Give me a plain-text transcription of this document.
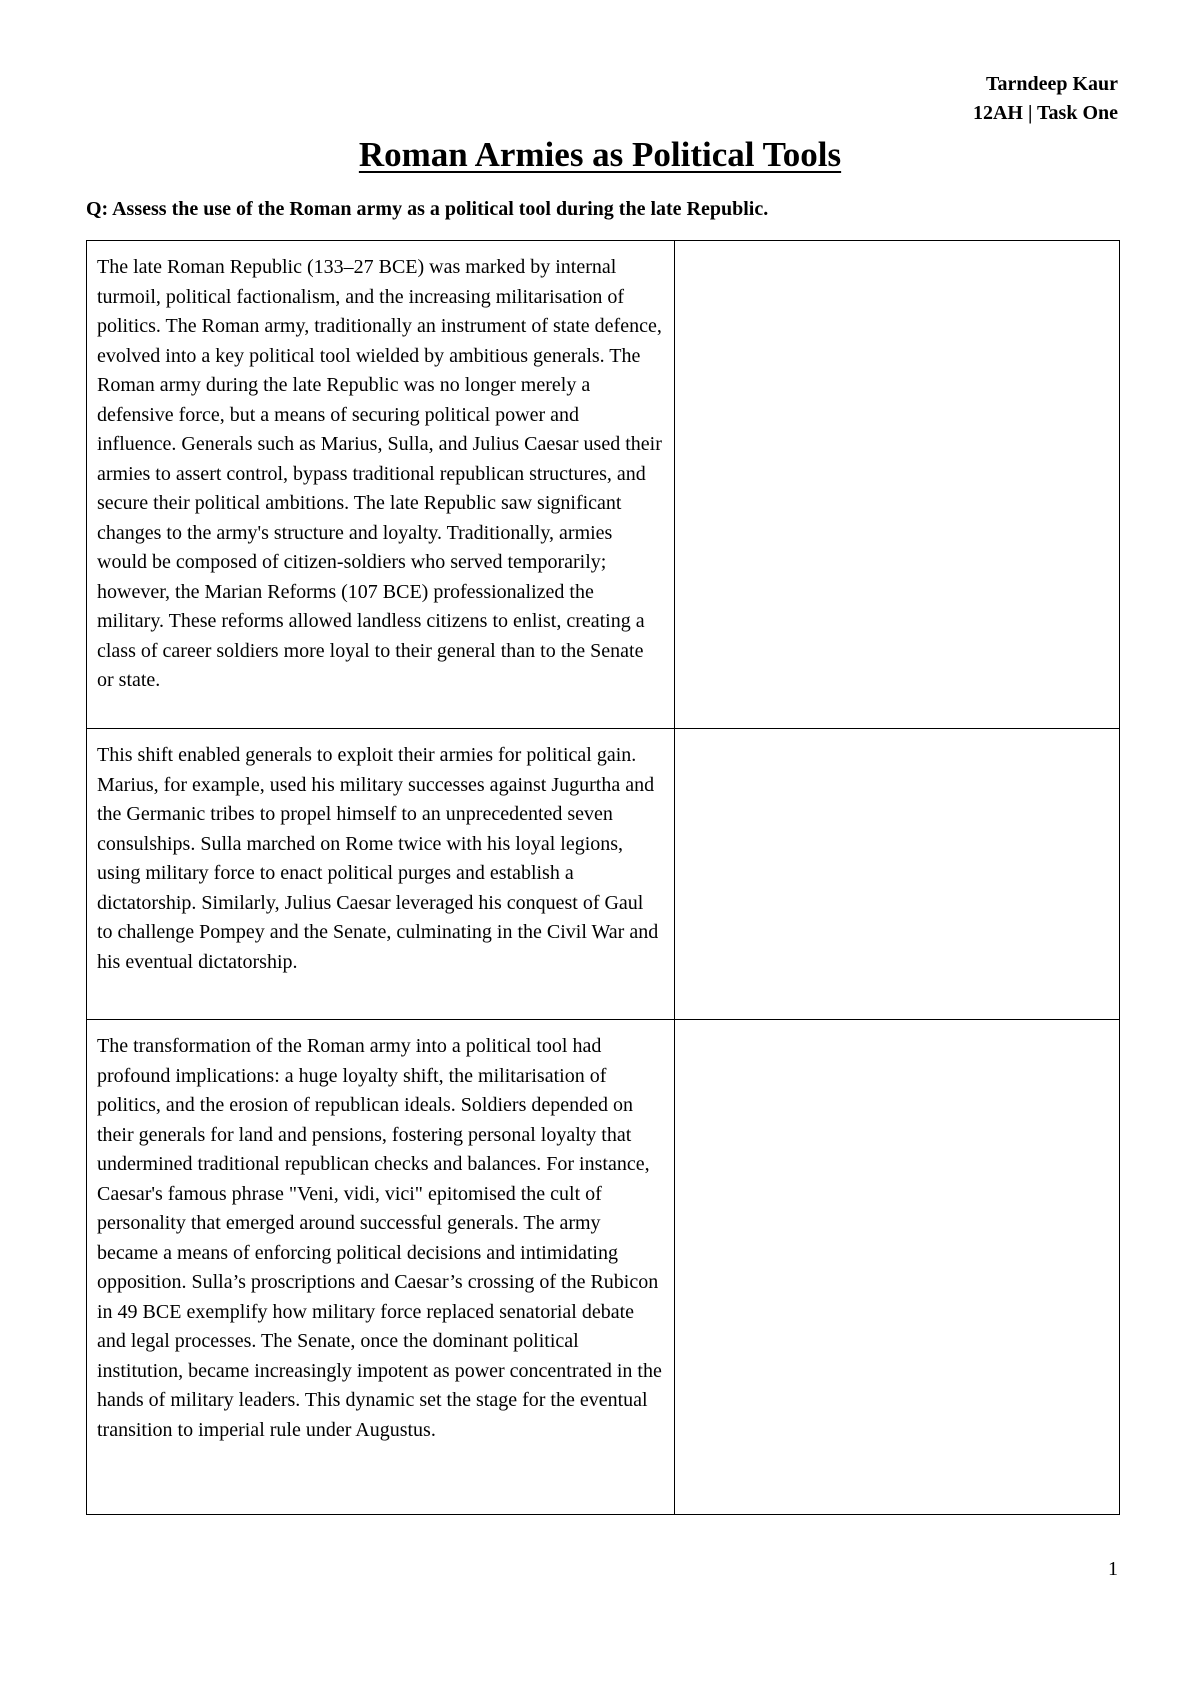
Tarndeep Kaur
12AH | Task One
Roman Armies as Political Tools
Q: Assess the use of the Roman army as a political tool during the late Republic.
The late Roman Republic (133–27 BCE) was marked by internal turmoil, political factionalism, and the increasing militarisation of politics. The Roman army, traditionally an instrument of state defence, evolved into a key political tool wielded by ambitious generals. The Roman army during the late Republic was no longer merely a defensive force, but a means of securing political power and influence. Generals such as Marius, Sulla, and Julius Caesar used their armies to assert control, bypass traditional republican structures, and secure their political ambitions. The late Republic saw significant changes to the army's structure and loyalty. Traditionally, armies would be composed of citizen-soldiers who served temporarily; however, the Marian Reforms (107 BCE) professionalized the military. These reforms allowed landless citizens to enlist, creating a class of career soldiers more loyal to their general than to the Senate or state.	
This shift enabled generals to exploit their armies for political gain. Marius, for example, used his military successes against Jugurtha and the Germanic tribes to propel himself to an unprecedented seven consulships. Sulla marched on Rome twice with his loyal legions, using military force to enact political purges and establish a dictatorship. Similarly, Julius Caesar leveraged his conquest of Gaul to challenge Pompey and the Senate, culminating in the Civil War and his eventual dictatorship.	
The transformation of the Roman army into a political tool had profound implications: a huge loyalty shift, the militarisation of politics, and the erosion of republican ideals. Soldiers depended on their generals for land and pensions, fostering personal loyalty that undermined traditional republican checks and balances. For instance, Caesar's famous phrase "Veni, vidi, vici" epitomised the cult of personality that emerged around successful generals. The army became a means of enforcing political decisions and intimidating opposition. Sulla’s proscriptions and Caesar’s crossing of the Rubicon in 49 BCE exemplify how military force replaced senatorial debate and legal processes. The Senate, once the dominant political institution, became increasingly impotent as power concentrated in the hands of military leaders. This dynamic set the stage for the eventual transition to imperial rule under Augustus.	
1
